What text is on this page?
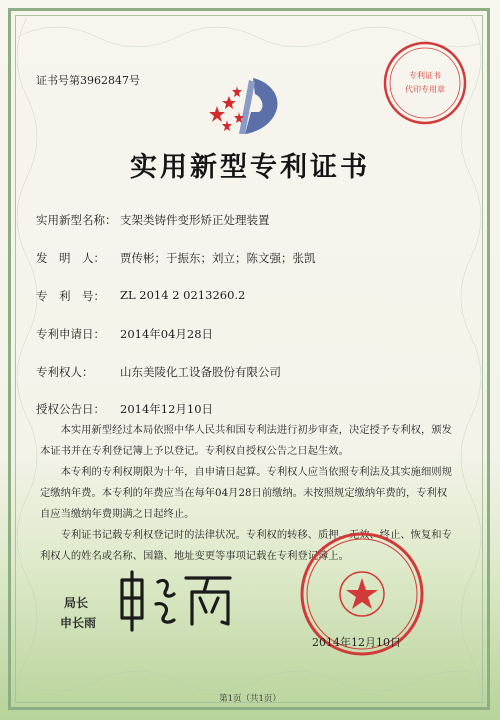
证书号第3962847号	专利证书
代印专用章
实用新型专利证书
实用新型名称： 支架类铸件变形矫正处理装置
发　明　人： 贾传彬；于振东；刘立；陈文强；张凯
专　利　号： ZL 2014 2 0213260.2
专利申请日： 2014年04月28日
专利权人： 山东美陵化工设备股份有限公司
授权公告日： 2014年12月10日

本实用新型经过本局依照中华人民共和国专利法进行初步审查，决定授予专利权，颁发本证书并在专利登记簿上予以登记。专利权自授权公告之日起生效。

本专利的专利权期限为十年，自申请日起算。专利权人应当依照专利法及其实施细则规定缴纳年费。本专利的年费应当在每年04月28日前缴纳。未按照规定缴纳年费的，专利权自应当缴纳年费期满之日起终止。

专利证书记载专利权登记时的法律状况。专利权的转移、质押、无效、终止、恢复和专利权人的姓名或名称、国籍、地址变更等事项记载在专利登记簿上。

局长
申长雨
2014年12月10日
第1页（共1页）
